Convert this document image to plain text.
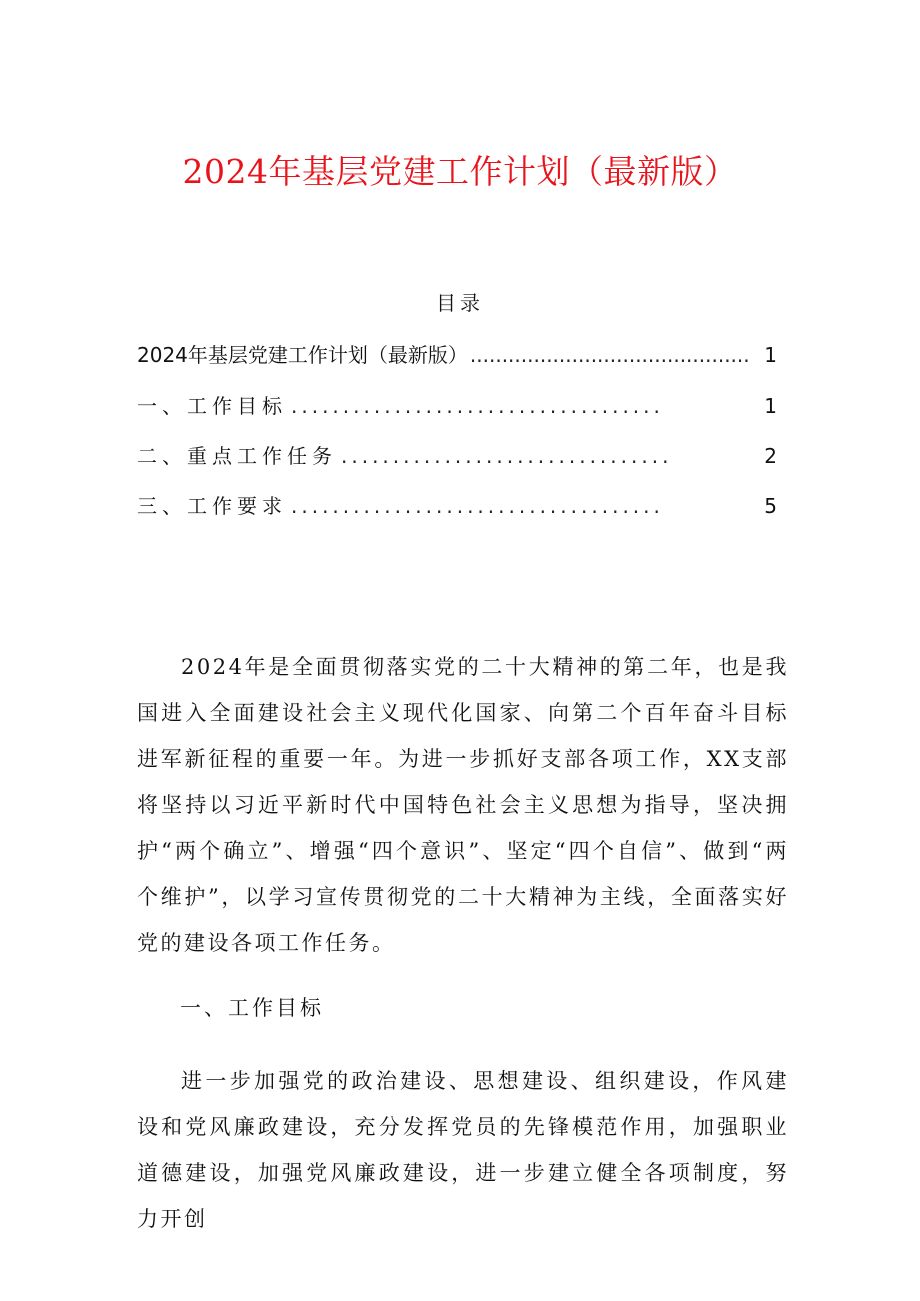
2024年基层党建工作计划（最新版）
目录
2024年基层党建工作计划（最新版） ............................................ 1
一、工作目标 ....................................	1
二、重点工作任务 ................................	2
三、工作要求 ....................................	5
2024年是全面贯彻落实党的二十大精神的第二年，也是我国进入全面建设社会主义现代化国家、向第二个百年奋斗目标进军新征程的重要一年。为进一步抓好支部各项工作，XX支部将坚持以习近平新时代中国特色社会主义思想为指导，坚决拥护“两个确立”、增强“四个意识”、坚定“四个自信”、做到“两个维护”，以学习宣传贯彻党的二十大精神为主线，全面落实好党的建设各项工作任务。
一、工作目标
进一步加强党的政治建设、思想建设、组织建设，作风建设和党风廉政建设，充分发挥党员的先锋模范作用，加强职业道德建设，加强党风廉政建设，进一步建立健全各项制度，努力开创
